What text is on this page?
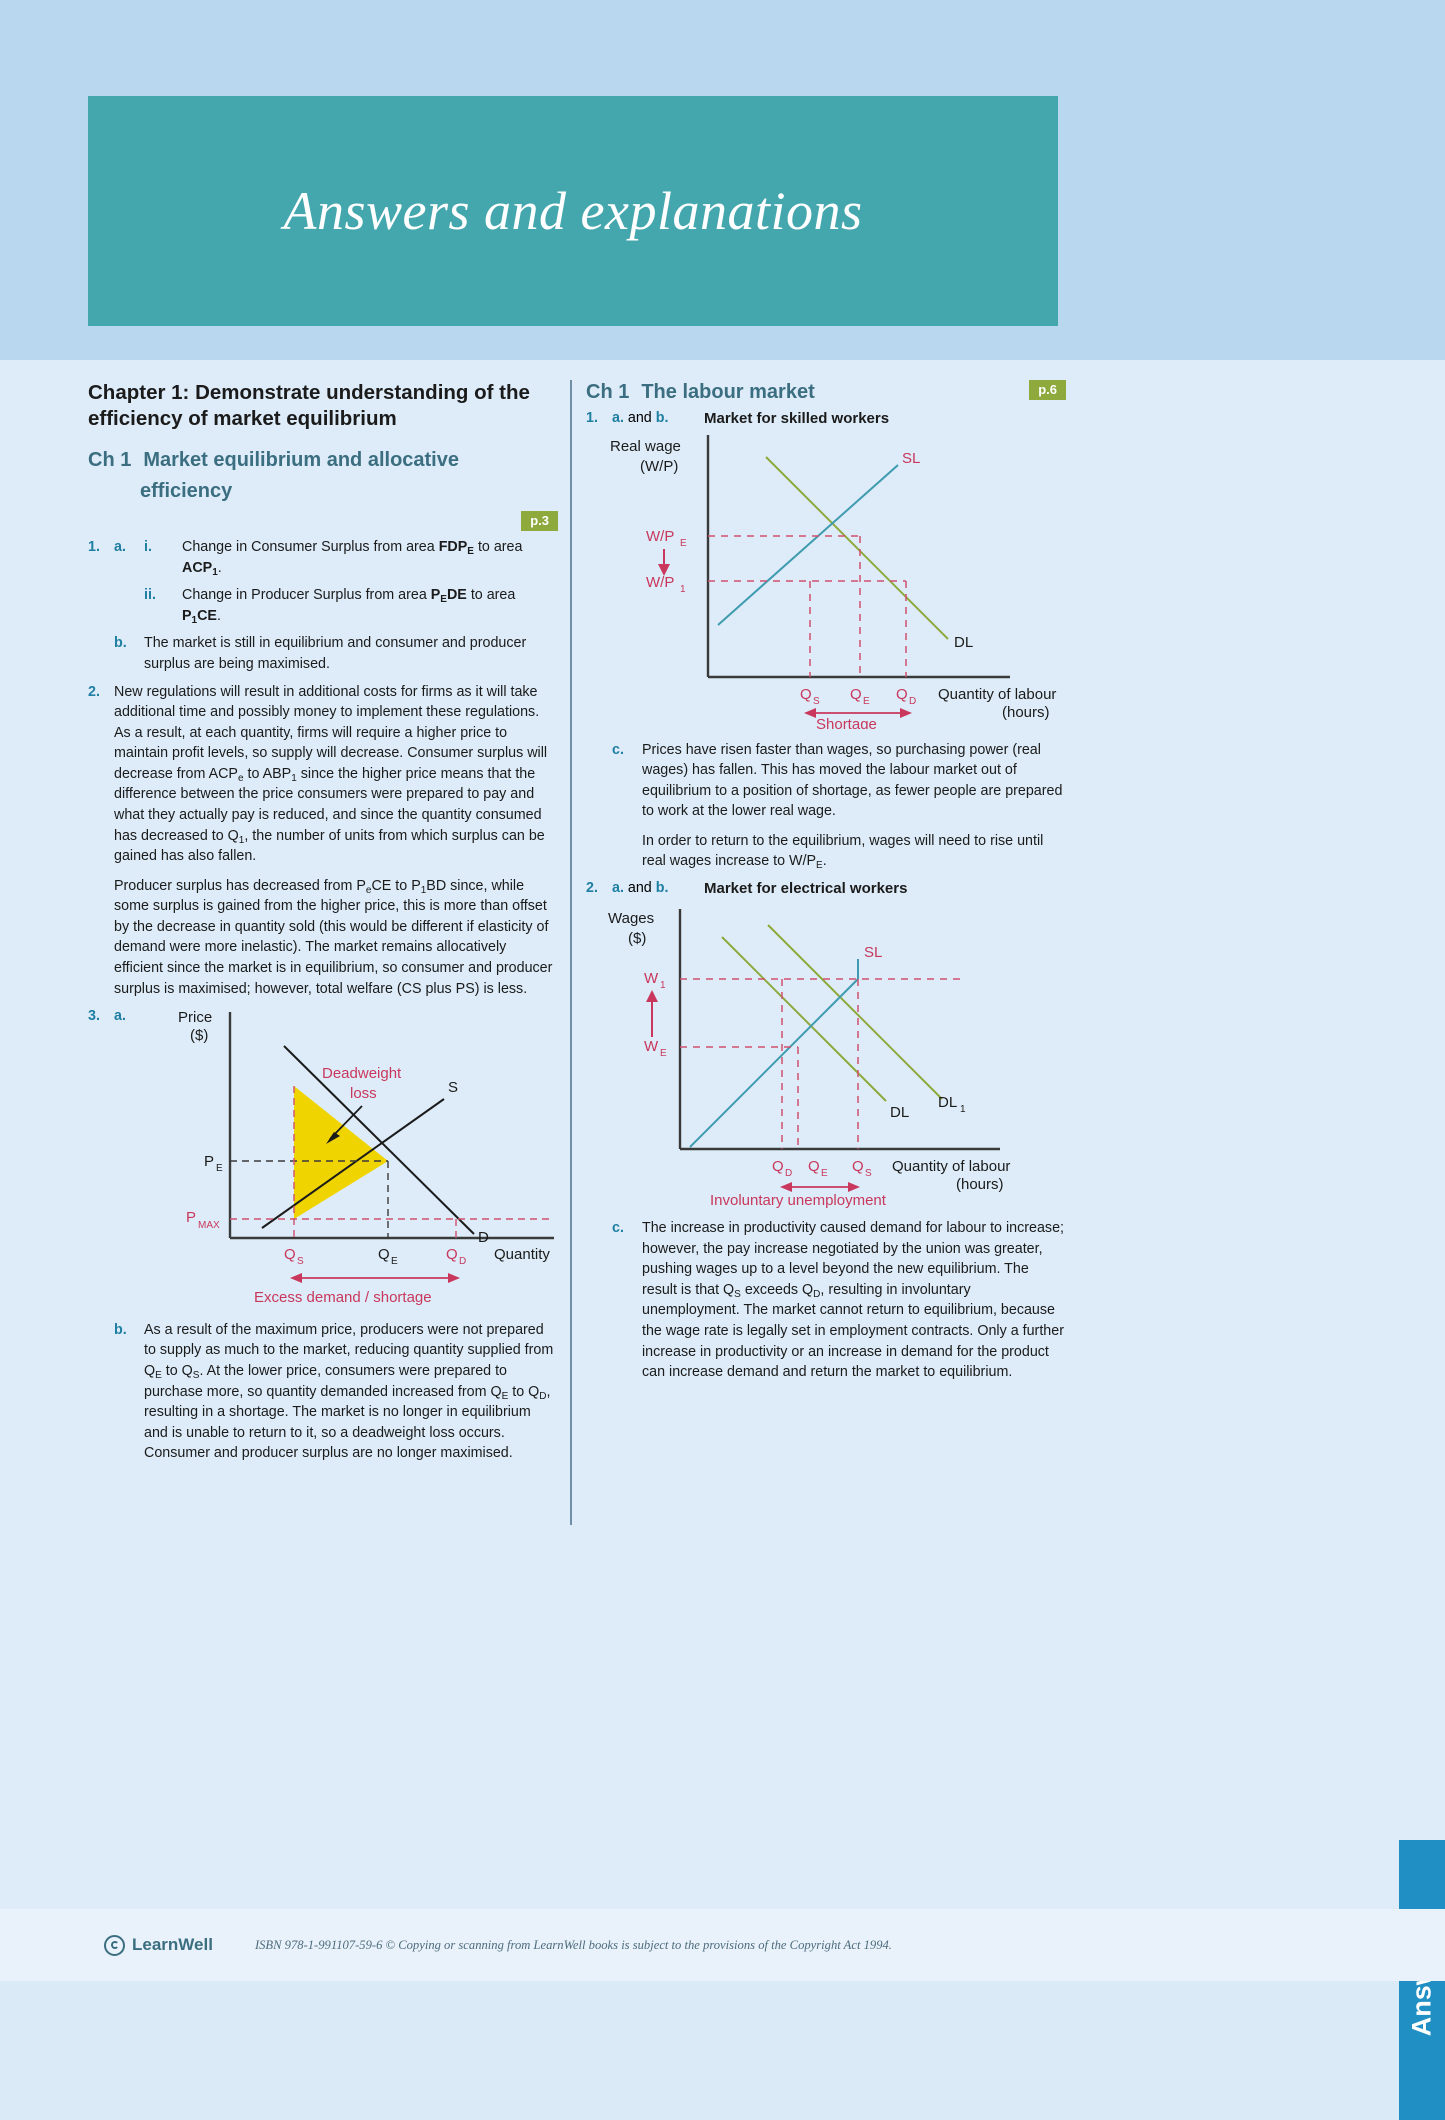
Answers and explanations
Chapter 1: Demonstrate understanding of the efficiency of market equilibrium
Ch 1 Market equilibrium and allocative
efficiency
p.3
1. a.	i.	Change in Consumer Surplus from area $FDP_E$ to area $ACP_1$.
ii.	Change in Producer Surplus from area $P_EDE$ to area $P_1CE$.
b.	The market is still in equilibrium and consumer and producer surplus are being maximised.
2. New regulations will result in additional costs for firms as it will take additional time and possibly money to implement these regulations. As a result, at each quantity, firms will require a higher price to maintain profit levels, so supply will decrease. Consumer surplus will decrease from $ACP_e$ to $ABP_1$ since the higher price means that the difference between the price consumers were prepared to pay and what they actually pay is reduced, and since the quantity consumed has decreased to $Q_1$, the number of units from which surplus can be gained has also fallen.

Producer surplus has decreased from $P_eCE$ to $P_1BD$ since, while some surplus is gained from the higher price, this is more than offset by the decrease in quantity sold (this would be different if elasticity of demand were more inelastic). The market remains allocatively efficient since the market is in equilibrium, so consumer and producer surplus is maximised; however, total welfare (CS plus PS) is less.

3. a.	Price
($)
P E
P MAX
Q S	Q E	Q D Quantity
S
D
Deadweight
loss
Excess demand / shortage
b.	As a result of the maximum price, producers were not prepared to supply as much to the market, reducing quantity supplied from $Q_E$ to $Q_S$. At the lower price, consumers were prepared to purchase more, so quantity demanded increased from $Q_E$ to $Q_D$, resulting in a shortage. The market is no longer in equilibrium and is unable to return to it, so a deadweight loss occurs. Consumer and producer surplus are no longer maximised.
Ch 1 The labour market	p.6
1. a. and b.	Market for skilled workers
Real wage
(W/P)
W/P E
W/P 1
SL
DL
Q S Q E Q D Quantity of labour
(hours)
Shortage
c.	Prices have risen faster than wages, so purchasing power (real wages) has fallen. This has moved the labour market out of equilibrium to a position of shortage, as fewer people are prepared to work at the lower real wage.

In order to return to the equilibrium, wages will need to rise until real wages increase to $W/P_E$.

2. a. and b.	Market for electrical workers
Wages
($)
W 1
W E
SL
DL
DL 1
Q D Q E Q S Quantity of labour
(hours)
Involuntary unemployment
c.	The increase in productivity caused demand for labour to increase; however, the pay increase negotiated by the union was greater, pushing wages up to a level beyond the new equilibrium. The result is that $Q_S$ exceeds $Q_D$, resulting in involuntary unemployment. The market cannot return to equilibrium, because the wage rate is legally set in employment contracts. Only a further increase in productivity or an increase in demand for the product can increase demand and return the market to equilibrium.
LearnWell	ISBN 978-1-991107-59-6 © Copying or scanning from LearnWell books is subject to the provisions of the Copyright Act 1994.
